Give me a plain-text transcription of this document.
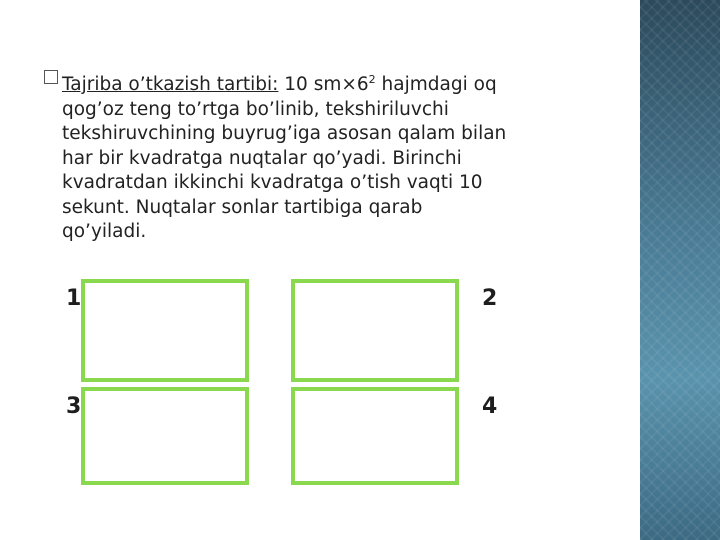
Tajriba o’tkazish tartibi: 10 $sm\times 6^2$ hajmdagi oq
qog’oz teng to’rtga bo’linib, tekshiriluvchi
tekshiruvchining buyrug’iga asosan qalam bilan
har bir kvadratga nuqtalar qo’yadi. Birinchi
kvadratdan ikkinchi kvadratga o’tish vaqti 10
sekunt. Nuqtalar sonlar tartibiga qarab
qo’yiladi.
1	2
3	4
